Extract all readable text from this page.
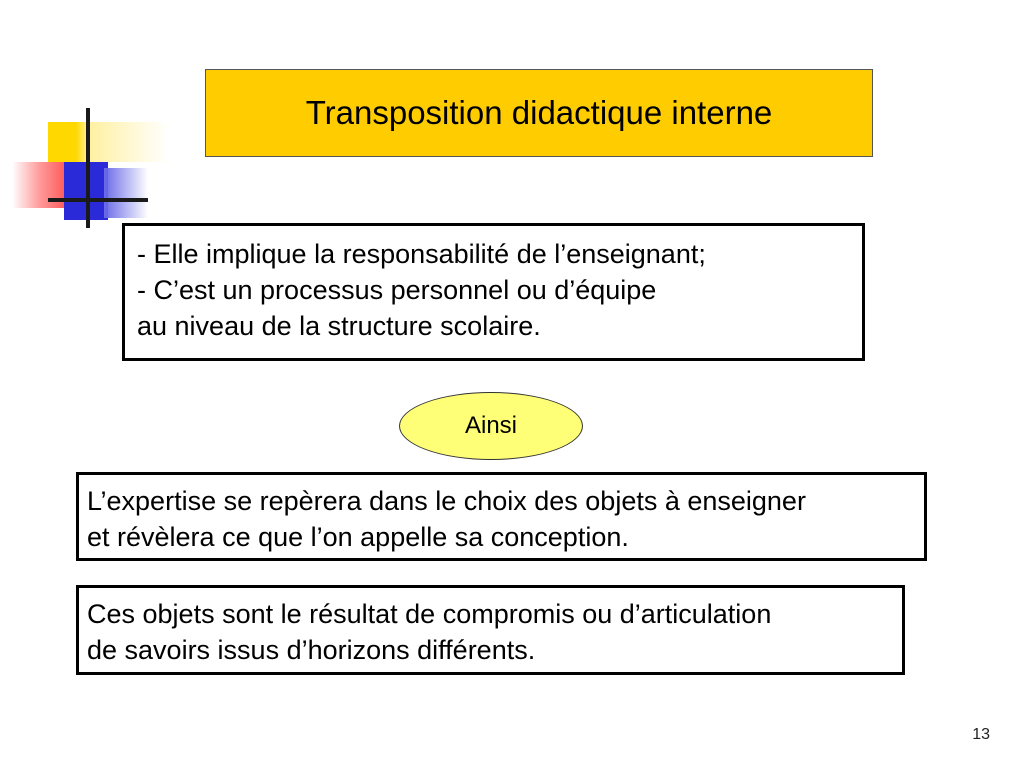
Transposition didactique interne
- Elle implique la responsabilité de l’enseignant;
- C’est un processus personnel ou d’équipe
au niveau de la structure scolaire.
Ainsi
L’expertise se repèrera dans le choix des objets à enseigner
et révèlera ce que l’on appelle sa conception.
Ces objets sont le résultat de compromis ou d’articulation
de savoirs issus d’horizons différents.
13
